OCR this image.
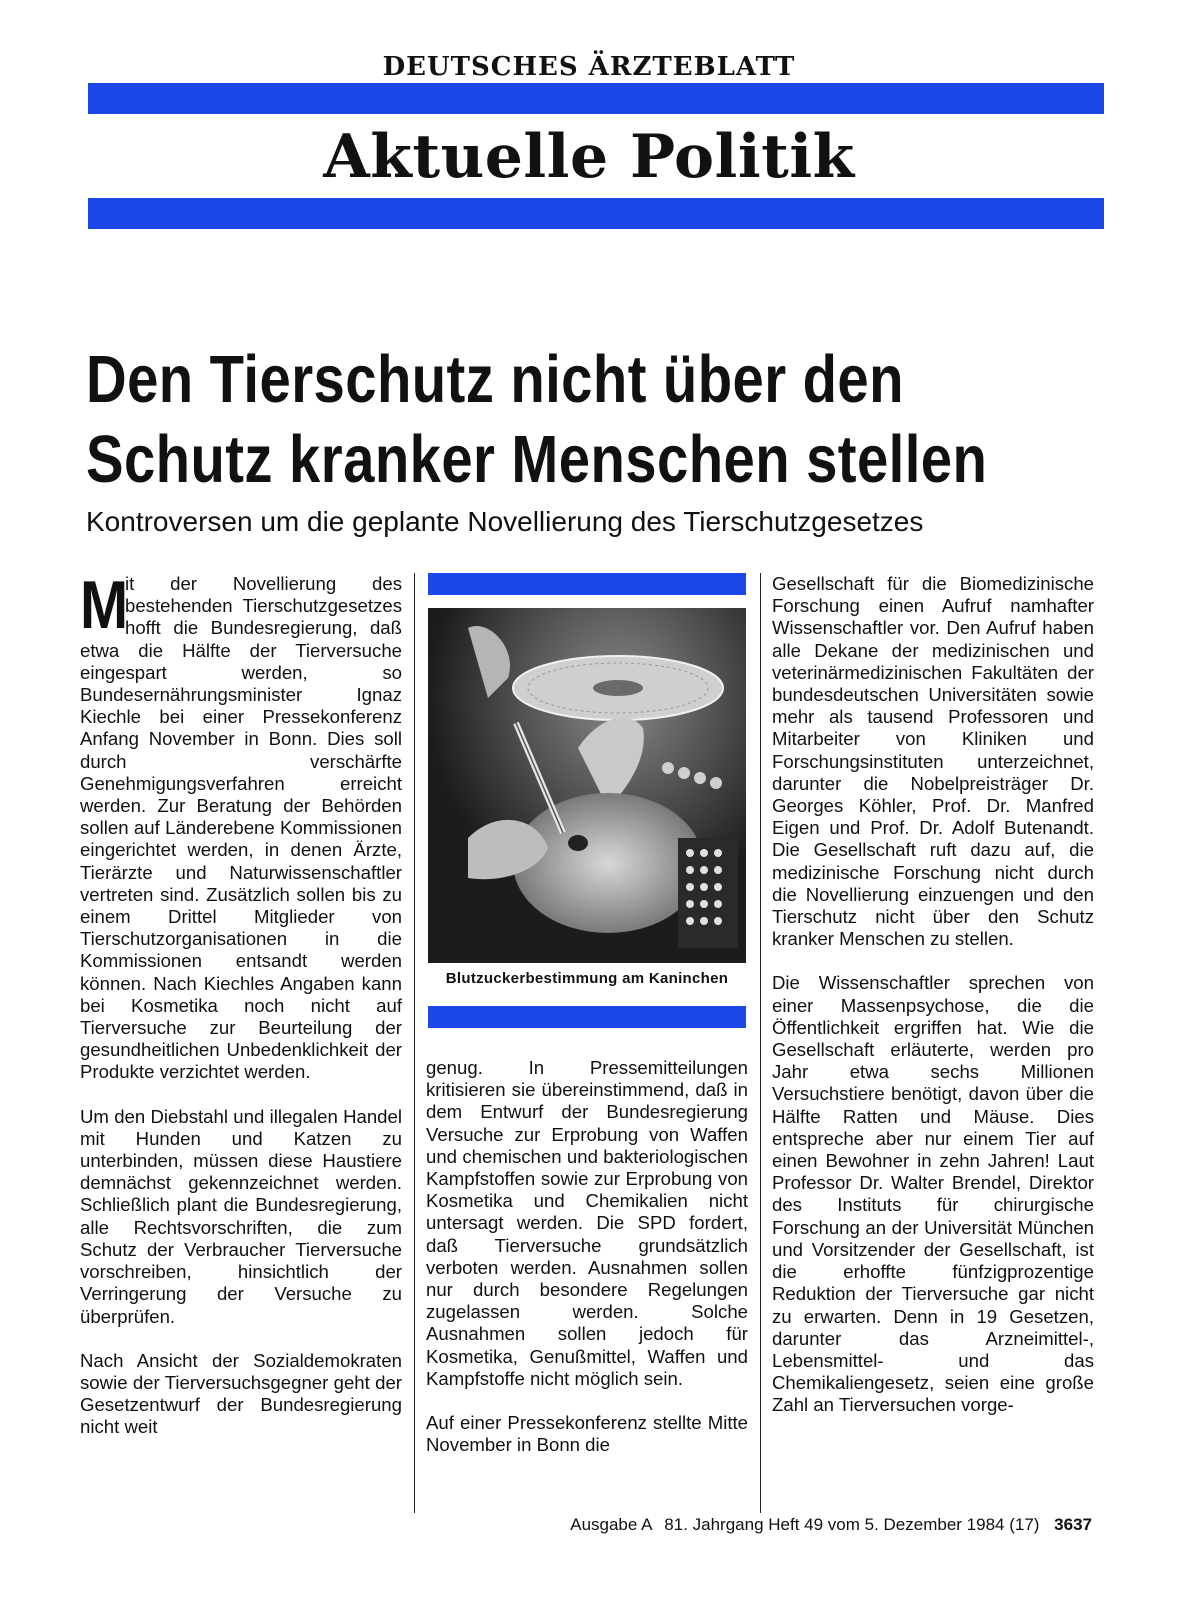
DEUTSCHES ÄRZTEBLATT
Aktuelle Politik
Den Tierschutz nicht über den
Schutz kranker Menschen stellen

Kontroversen um die geplante Novellierung des Tierschutzgesetzes

M
it der Novellierung des bestehenden Tierschutzgesetzes hofft die Bundesregierung, daß etwa die Hälfte der Tierversuche eingespart werden, so Bundesernährungsminister Ignaz Kiechle bei einer Pressekonferenz Anfang November in Bonn. Dies soll durch verschärfte Genehmigungsverfahren erreicht werden. Zur Beratung der Behörden sollen auf Länderebene Kommissionen eingerichtet werden, in denen Ärzte, Tierärzte und Naturwissenschaftler vertreten sind. Zusätzlich sollen bis zu einem Drittel Mitglieder von Tierschutzorganisationen in die Kommissionen entsandt werden können. Nach Kiechles Angaben kann bei Kosmetika noch nicht auf Tierversuche zur Beurteilung der gesundheitlichen Unbedenklichkeit der Produkte verzichtet werden.

Um den Diebstahl und illegalen Handel mit Hunden und Katzen zu unterbinden, müssen diese Haustiere demnächst gekennzeichnet werden. Schließlich plant die Bundesregierung, alle Rechtsvorschriften, die zum Schutz der Verbraucher Tierversuche vorschreiben, hinsichtlich der Verringerung der Versuche zu überprüfen.

Nach Ansicht der Sozialdemokraten sowie der Tierversuchsgegner geht der Gesetzentwurf der Bundesregierung nicht weit

Blutzuckerbestimmung am Kaninchen

genug. In Pressemitteilungen kritisieren sie übereinstimmend, daß in dem Entwurf der Bundesregierung Versuche zur Erprobung von Waffen und chemischen und bakteriologischen Kampfstoffen sowie zur Erprobung von Kosmetika und Chemikalien nicht untersagt werden. Die SPD fordert, daß Tierversuche grundsätzlich verboten werden. Ausnahmen sollen nur durch besondere Regelungen zugelassen werden. Solche Ausnahmen sollen jedoch für Kosmetika, Genußmittel, Waffen und Kampfstoffe nicht möglich sein.

Auf einer Pressekonferenz stellte Mitte November in Bonn die

Gesellschaft für die Biomedizinische Forschung einen Aufruf namhafter Wissenschaftler vor. Den Aufruf haben alle Dekane der medizinischen und veterinärmedizinischen Fakultäten der bundesdeutschen Universitäten sowie mehr als tausend Professoren und Mitarbeiter von Kliniken und Forschungsinstituten unterzeichnet, darunter die Nobelpreisträger Dr. Georges Köhler, Prof. Dr. Manfred Eigen und Prof. Dr. Adolf Butenandt. Die Gesellschaft ruft dazu auf, die medizinische Forschung nicht durch die Novellierung einzuengen und den Tierschutz nicht über den Schutz kranker Menschen zu stellen.

Die Wissenschaftler sprechen von einer Massenpsychose, die die Öffentlichkeit ergriffen hat. Wie die Gesellschaft erläuterte, werden pro Jahr etwa sechs Millionen Versuchstiere benötigt, davon über die Hälfte Ratten und Mäuse. Dies entspreche aber nur einem Tier auf einen Bewohner in zehn Jahren! Laut Professor Dr. Walter Brendel, Direktor des Instituts für chirurgische Forschung an der Universität München und Vorsitzender der Gesellschaft, ist die erhoffte fünfzigprozentige Reduktion der Tierversuche gar nicht zu erwarten. Denn in 19 Gesetzen, darunter das Arzneimittel-, Lebensmittel- und das Chemikaliengesetz, seien eine große Zahl an Tierversuchen vorge-

Ausgabe A 81. Jahrgang Heft 49 vom 5. Dezember 1984 (17) 3637
